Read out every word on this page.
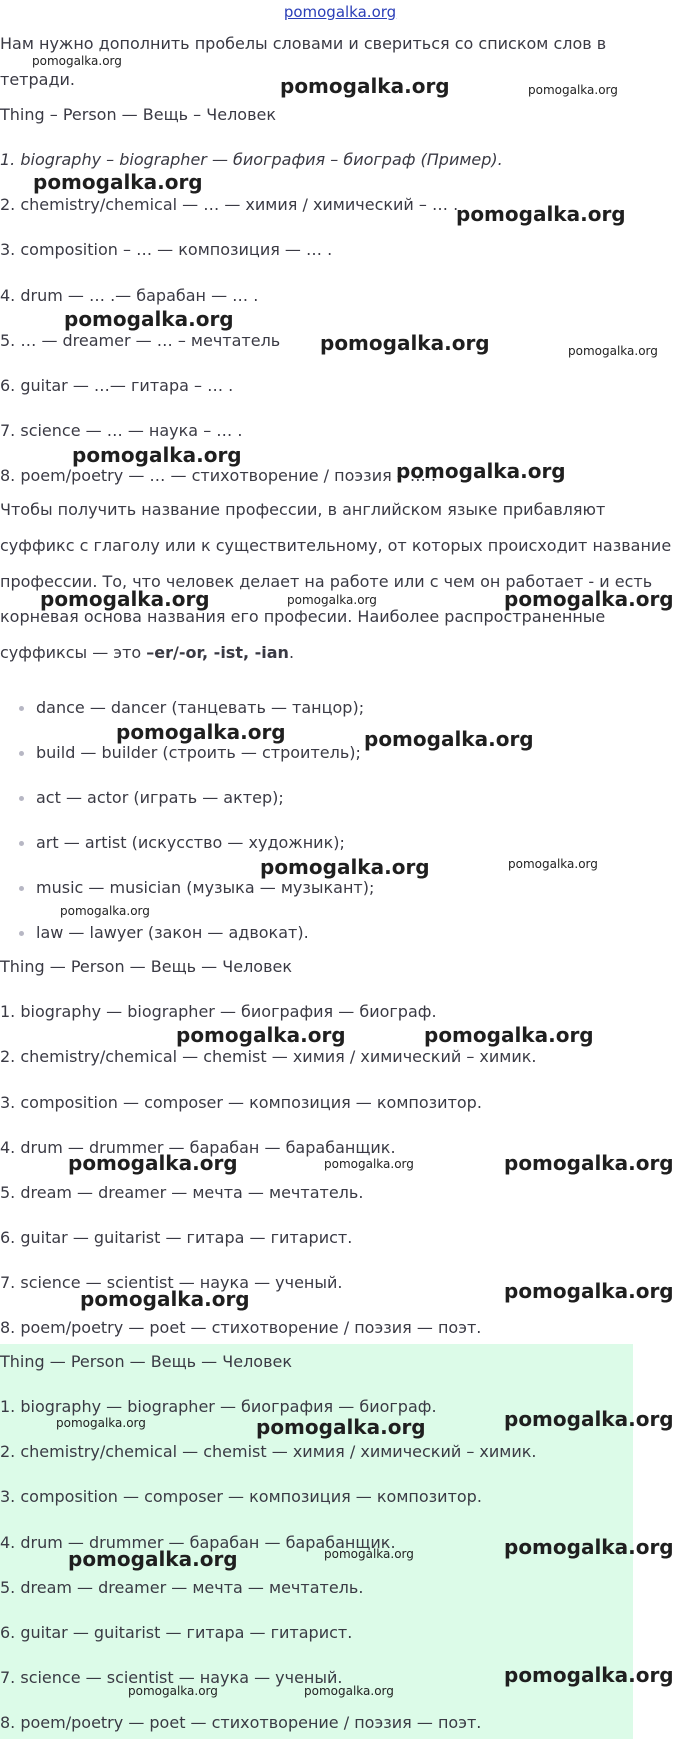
pomogalka.org
Нам нужно дополнить пробелы словами и свериться со списком слов в
тетради.
Thing – Person — Вещь – Человек
1. biography – biographer — биография – биограф (Пример).
2. chemistry/chemical — … — химия / химический – … .
3. composition – … — композиция — … .
4. drum — … .— барабан — … .
5. … — dreamer — … – мечтатель
6. guitar — …— гитара – … .
7. science — … — наука – … .
8. poem/poetry — … — стихотворение / поэзия – … .
Чтобы получить название профессии, в английском языке прибавляют
суффикс с глаголу или к существительному, от которых происходит название
профессии. То, что человек делает на работе или с чем он работает - и есть
корневая основа названия его професии. Наиболее распространенные
суффиксы — это –er/-or, -ist, -ian.
dance — dancer (танцевать — танцор);
build — builder (строить — строитель);
act — actor (играть — актер);
art — artist (искусство — художник);
music — musician (музыка — музыкант);
law — lawyer (закон — адвокат).
Thing — Person — Вещь — Человек
1. biography — biographer — биография — биограф.
2. chemistry/chemical — chemist — химия / химический – химик.
3. composition — composer — композиция — композитор.
4. drum — drummer — барабан — барабанщик.
5. dream — dreamer — мечта — мечтатель.
6. guitar — guitarist — гитара — гитарист.
7. science — scientist — наука — ученый.
8. poem/poetry — poet — стихотворение / поэзия — поэт.
Thing — Person — Вещь — Человек
1. biography — biographer — биография — биограф.
2. chemistry/chemical — chemist — химия / химический – химик.
3. composition — composer — композиция — композитор.
4. drum — drummer — барабан — барабанщик.
5. dream — dreamer — мечта — мечтатель.
6. guitar — guitarist — гитара — гитарист.
7. science — scientist — наука — ученый.
8. poem/poetry — poet — стихотворение / поэзия — поэт.
pomogalka.org
pomogalka.org	pomogalka.org
pomogalka.org
pomogalka.org
pomogalka.org
pomogalka.org	pomogalka.org
pomogalka.org
pomogalka.org
pomogalka.org	pomogalka.org	pomogalka.org
pomogalka.org	pomogalka.org
pomogalka.org	pomogalka.org
pomogalka.org
pomogalka.org	pomogalka.org
pomogalka.org	pomogalka.org	pomogalka.org
pomogalka.org	pomogalka.org
pomogalka.org	pomogalka.org	pomogalka.org
pomogalka.org
pomogalka.org	pomogalka.org
pomogalka.org
pomogalka.org	pomogalka.org
